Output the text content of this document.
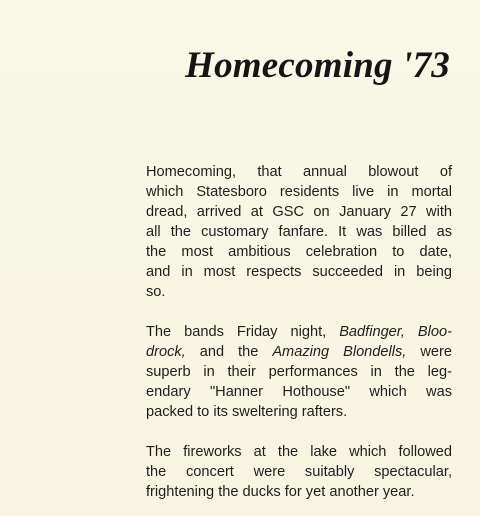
Homecoming '73

Homecoming, that annual blowout of
which Statesboro residents live in mortal
dread, arrived at GSC on January 27 with
all the customary fanfare. It was billed as
the most ambitious celebration to date,
and in most respects succeeded in being
so.

The bands Friday night, Badfinger, Bloo-
drock, and the Amazing Blondells, were
superb in their performances in the leg-
endary "Hanner Hothouse" which was
packed to its sweltering rafters.

The fireworks at the lake which followed
the concert were suitably spectacular,
frightening the ducks for yet another year.
